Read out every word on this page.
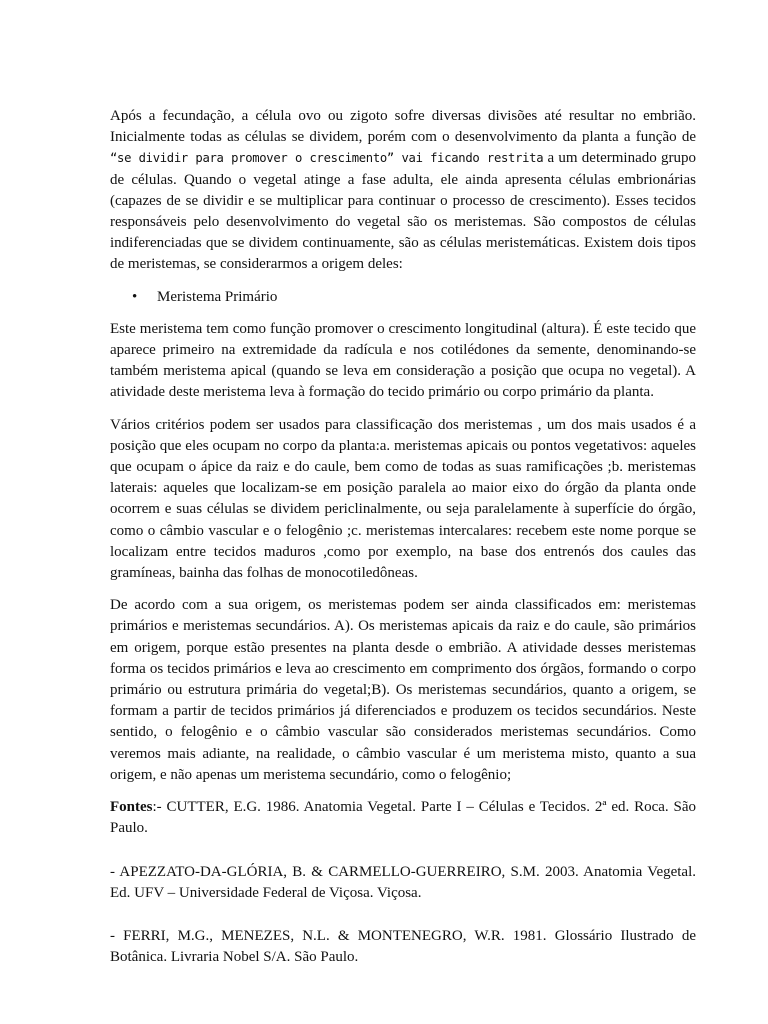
Após a fecundação, a célula ovo ou zigoto sofre diversas divisões até resultar no embrião. Inicialmente todas as células se dividem, porém com o desenvolvimento da planta a função de “se dividir para promover o crescimento” vai ficando restrita a um determinado grupo de células. Quando o vegetal atinge a fase adulta, ele ainda apresenta células embrionárias (capazes de se dividir e se multiplicar para continuar o processo de crescimento). Esses tecidos responsáveis pelo desenvolvimento do vegetal são os meristemas. São compostos de células indiferenciadas que se dividem continuamente, são as células meristemáticas. Existem dois tipos de meristemas, se considerarmos a origem deles:

• Meristema Primário

Este meristema tem como função promover o crescimento longitudinal (altura). É este tecido que aparece primeiro na extremidade da radícula e nos cotilédones da semente, denominando-se também meristema apical (quando se leva em consideração a posição que ocupa no vegetal). A atividade deste meristema leva à formação do tecido primário ou corpo primário da planta.

Vários critérios podem ser usados para classificação dos meristemas , um dos mais usados é a posição que eles ocupam no corpo da planta:a. meristemas apicais ou pontos vegetativos: aqueles que ocupam o ápice da raiz e do caule, bem como de todas as suas ramificações ;b. meristemas laterais: aqueles que localizam-se em posição paralela ao maior eixo do órgão da planta onde ocorrem e suas células se dividem periclinalmente, ou seja paralelamente à superfície do órgão, como o câmbio vascular e o felogênio ;c. meristemas intercalares: recebem este nome porque se localizam entre tecidos maduros ,como por exemplo, na base dos entrenós dos caules das gramíneas, bainha das folhas de monocotiledôneas.

De acordo com a sua origem, os meristemas podem ser ainda classificados em: meristemas primários e meristemas secundários. A). Os meristemas apicais da raiz e do caule, são primários em origem, porque estão presentes na planta desde o embrião. A atividade desses meristemas forma os tecidos primários e leva ao crescimento em comprimento dos órgãos, formando o corpo primário ou estrutura primária do vegetal;B). Os meristemas secundários, quanto a origem, se formam a partir de tecidos primários já diferenciados e produzem os tecidos secundários. Neste sentido, o felogênio e o câmbio vascular são considerados meristemas secundários. Como veremos mais adiante, na realidade, o câmbio vascular é um meristema misto, quanto a sua origem, e não apenas um meristema secundário, como o felogênio;

Fontes:- CUTTER, E.G. 1986. Anatomia Vegetal. Parte I – Células e Tecidos. 2ª ed. Roca. São Paulo.

- APEZZATO-DA-GLÓRIA, B. & CARMELLO-GUERREIRO, S.M. 2003. Anatomia Vegetal. Ed. UFV – Universidade Federal de Viçosa. Viçosa.

- FERRI, M.G., MENEZES, N.L. & MONTENEGRO, W.R. 1981. Glossário Ilustrado de Botânica. Livraria Nobel S/A. São Paulo.
